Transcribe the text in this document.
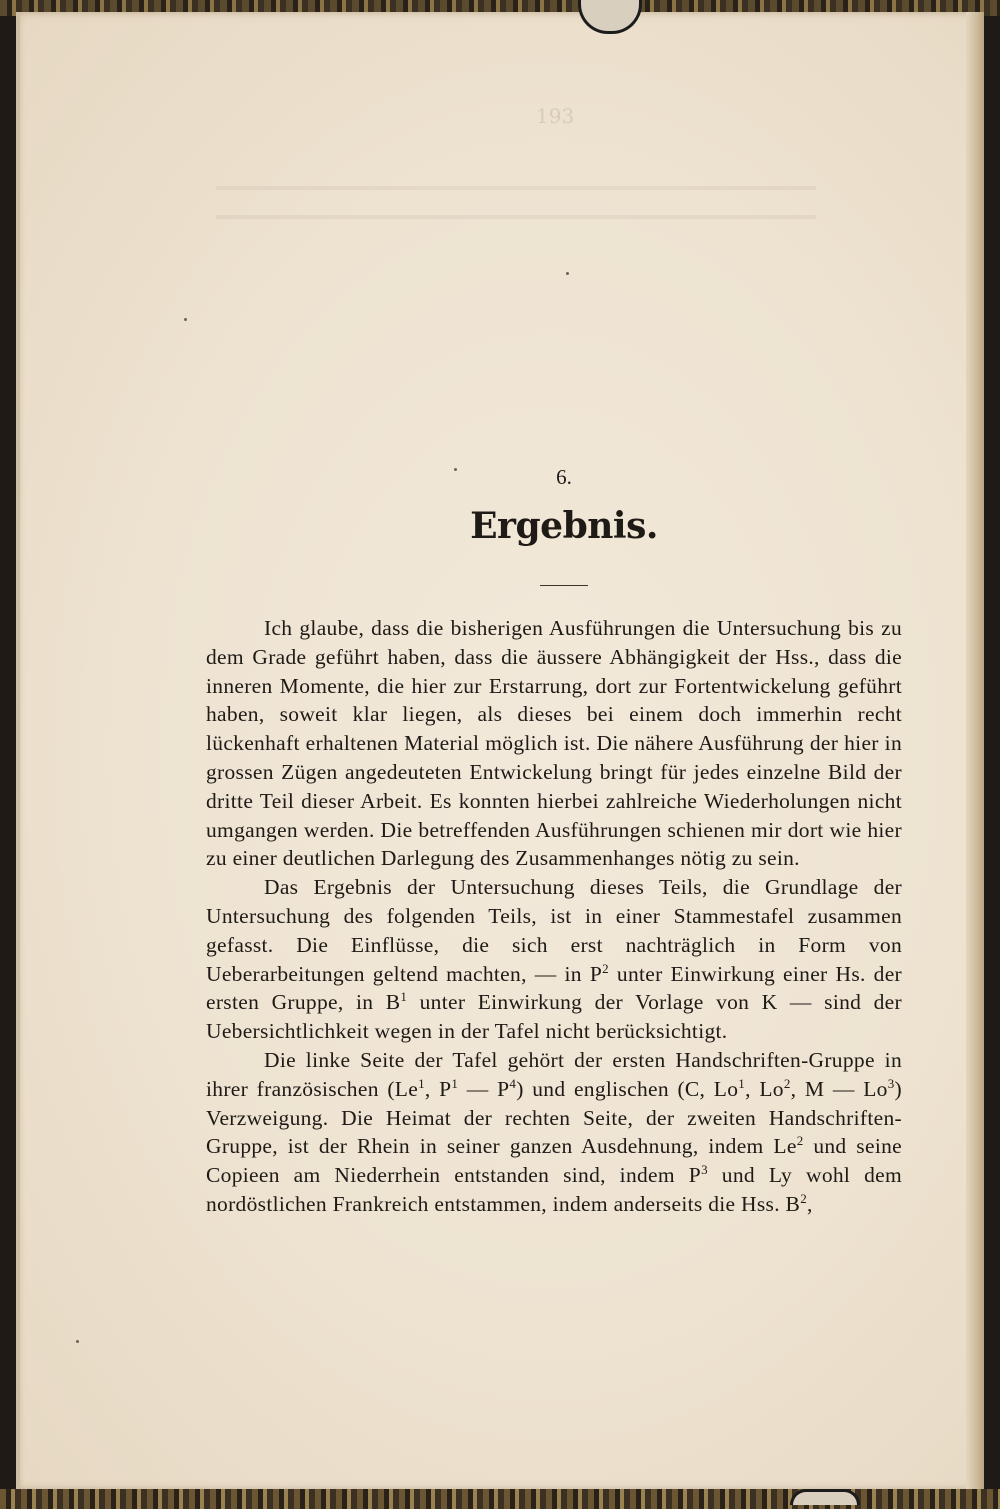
193
6.
Ergebnis.

Ich glaube, dass die bisherigen Ausführungen die Untersuchung bis zu dem Grade geführt haben, dass die äussere Abhängigkeit der Hss., dass die inneren Momente, die hier zur Erstarrung, dort zur Fortentwickelung geführt haben, soweit klar liegen, als dieses bei einem doch immerhin recht lückenhaft erhaltenen Material möglich ist. Die nähere Ausführung der hier in grossen Zügen angedeuteten Entwickelung bringt für jedes einzelne Bild der dritte Teil dieser Arbeit. Es konnten hierbei zahlreiche Wiederholungen nicht umgangen werden. Die betreffenden Ausführungen schienen mir dort wie hier zu einer deutlichen Darlegung des Zusammenhanges nötig zu sein.

Das Ergebnis der Untersuchung dieses Teils, die Grundlage der Untersuchung des folgenden Teils, ist in einer Stammestafel zusammen gefasst. Die Einflüsse, die sich erst nachträglich in Form von Ueberarbeitungen geltend machten, — in $P^2$ unter Einwirkung einer Hs. der ersten Gruppe, in $B^1$ unter Einwirkung der Vorlage von K — sind der Uebersichtlichkeit wegen in der Tafel nicht berücksichtigt.

Die linke Seite der Tafel gehört der ersten Handschriften-Gruppe in ihrer französischen (Le$^1$, $P^1$ — $P^4$) und englischen (C, Lo$^1$, Lo$^2$, M — Lo$^3$) Verzweigung. Die Heimat der rechten Seite, der zweiten Handschriften-Gruppe, ist der Rhein in seiner ganzen Ausdehnung, indem Le$^2$ und seine Copieen am Niederrhein entstanden sind, indem $P^3$ und Ly wohl dem nordöstlichen Frankreich entstammen, indem anderseits die Hss. $B^2$,
